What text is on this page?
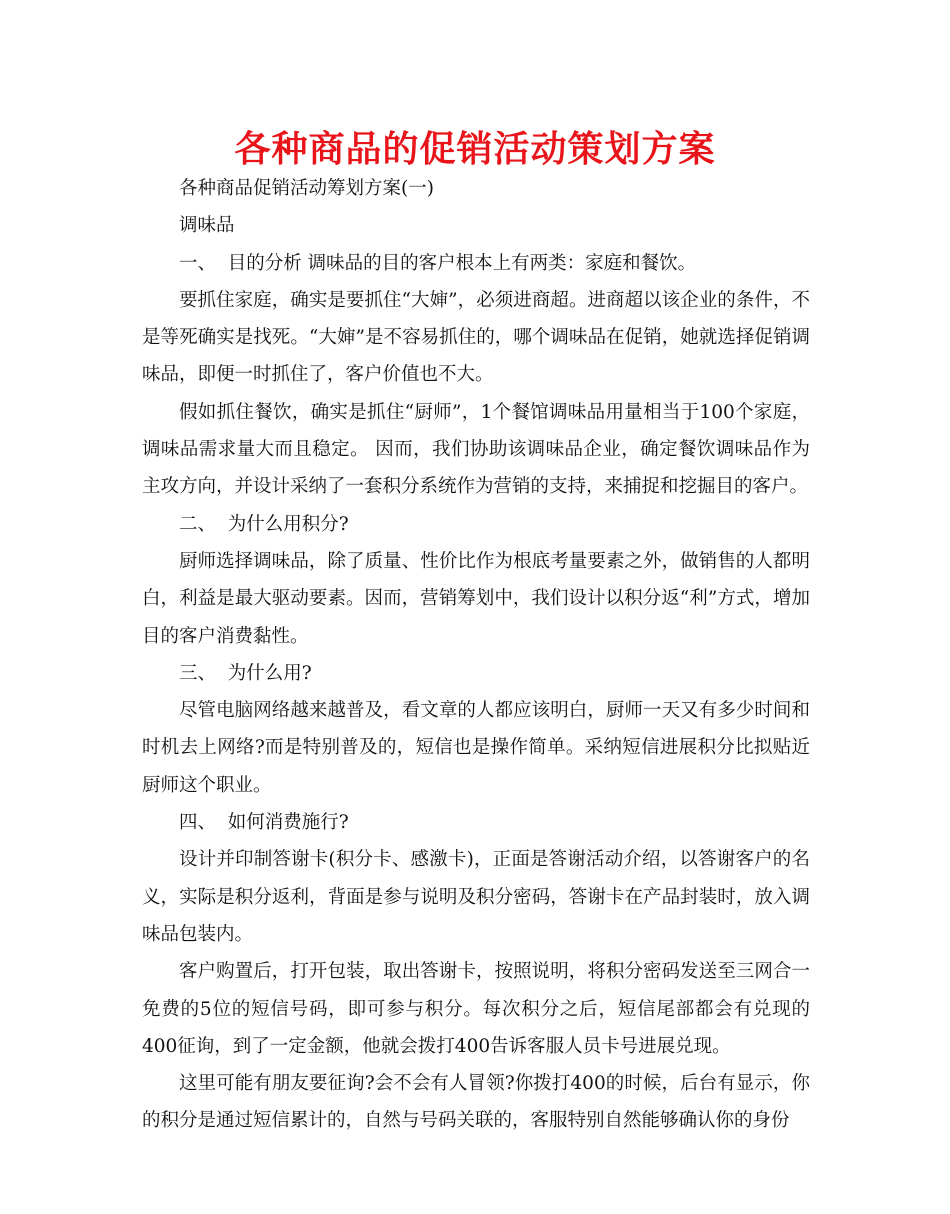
各种商品的促销活动策划方案

各种商品促销活动筹划方案(一)

调味品

一、  目的分析 调味品的目的客户根本上有两类：家庭和餐饮。

要抓住家庭，确实是要抓住“大婶”，必须进商超。进商超以该企业的条件，不是等死确实是找死。“大婶”是不容易抓住的，哪个调味品在促销，她就选择促销调味品，即便一时抓住了，客户价值也不大。

假如抓住餐饮，确实是抓住“厨师”，1个餐馆调味品用量相当于100个家庭，调味品需求量大而且稳定。 因而，我们协助该调味品企业，确定餐饮调味品作为主攻方向，并设计采纳了一套积分系统作为营销的支持，来捕捉和挖掘目的客户。

二、  为什么用积分?

厨师选择调味品，除了质量、性价比作为根底考量要素之外，做销售的人都明白，利益是最大驱动要素。因而，营销筹划中，我们设计以积分返“利”方式，增加目的客户消费黏性。

三、  为什么用?

尽管电脑网络越来越普及，看文章的人都应该明白，厨师一天又有多少时间和时机去上网络?而是特别普及的，短信也是操作简单。采纳短信进展积分比拟贴近厨师这个职业。

四、  如何消费施行?

设计并印制答谢卡(积分卡、感激卡)，正面是答谢活动介绍，以答谢客户的名义，实际是积分返利，背面是参与说明及积分密码，答谢卡在产品封装时，放入调味品包装内。

客户购置后，打开包装，取出答谢卡，按照说明，将积分密码发送至三网合一免费的5位的短信号码，即可参与积分。每次积分之后，短信尾部都会有兑现的400征询，到了一定金额，他就会拨打400告诉客服人员卡号进展兑现。

这里可能有朋友要征询?会不会有人冒领?你拨打400的时候，后台有显示，你的积分是通过短信累计的，自然与号码关联的，客服特别自然能够确认你的身份
